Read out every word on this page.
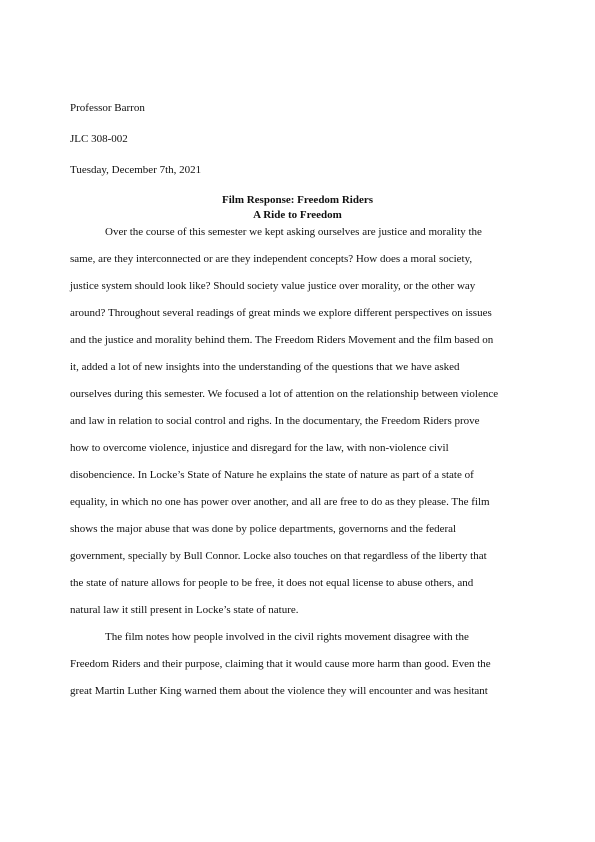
Professor Barron
JLC 308-002
Tuesday, December 7th, 2021
Film Response: Freedom Riders
A Ride to Freedom
Over the course of this semester we kept asking ourselves are justice and morality the
same, are they interconnected or are they independent concepts? How does a moral society,
justice system should look like? Should society value justice over morality, or the other way
around? Throughout several readings of great minds we explore different perspectives on issues
and the justice and morality behind them. The Freedom Riders Movement and the film based on
it, added a lot of new insights into the understanding of the questions that we have asked
ourselves during this semester. We focused a lot of attention on the relationship between violence
and law in relation to social control and righs. In the documentary, the Freedom Riders prove
how to overcome violence, injustice and disregard for the law, with non-violence civil
disobencience. In Locke’s State of Nature he explains the state of nature as part of a state of
equality, in which no one has power over another, and all are free to do as they please. The film
shows the major abuse that was done by police departments, governorns and the federal
government, specially by Bull Connor. Locke also touches on that regardless of the liberty that
the state of nature allows for people to be free, it does not equal license to abuse others, and
natural law it still present in Locke’s state of nature.
The film notes how people involved in the civil rights movement disagree with the
Freedom Riders and their purpose, claiming that it would cause more harm than good. Even the
great Martin Luther King warned them about the violence they will encounter and was hesitant
